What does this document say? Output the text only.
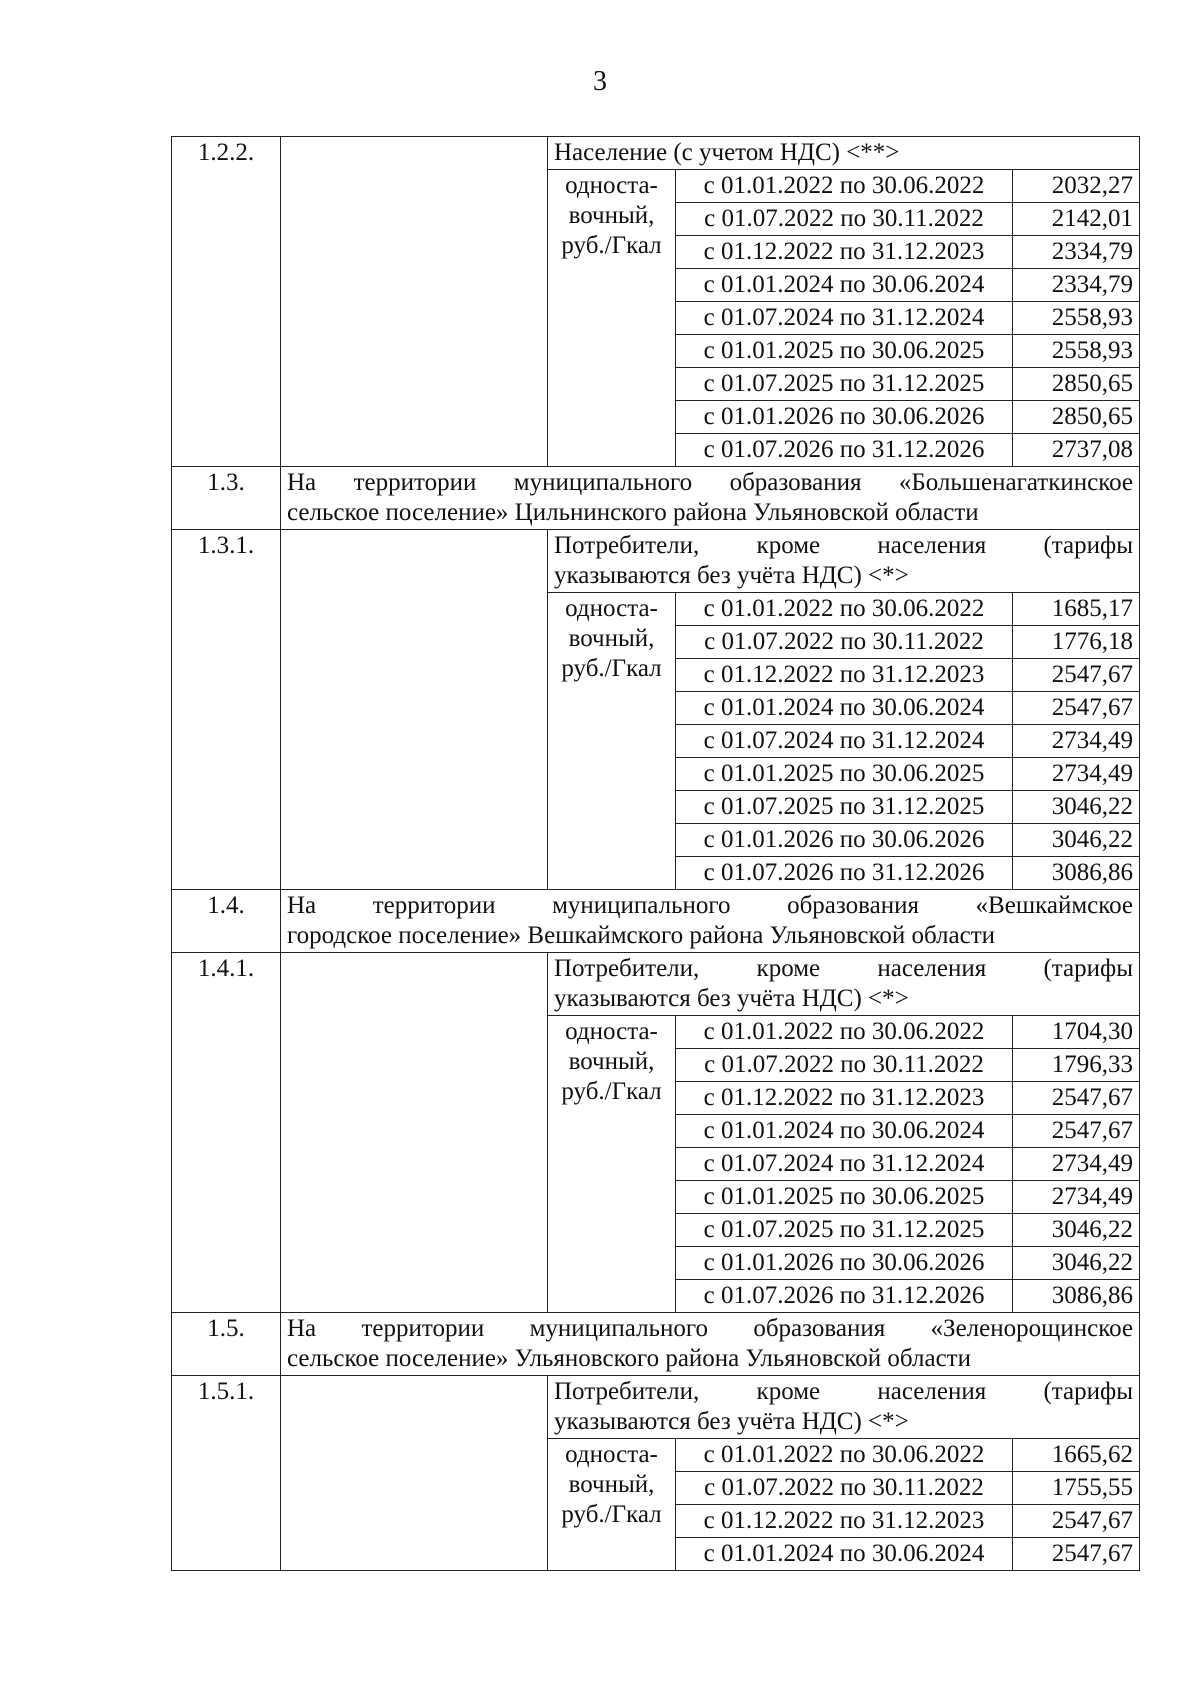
3
1.2.2.		Население (с учетом НДС) <**>		

		односта-
вочный,
руб./Гкал	с 01.01.2022 по 30.06.2022	2032,27
			с 01.07.2022 по 30.11.2022	2142,01
			с 01.12.2022 по 31.12.2023	2334,79
			с 01.01.2024 по 30.06.2024	2334,79
			с 01.07.2024 по 31.12.2024	2558,93
			с 01.01.2025 по 30.06.2025	2558,93
			с 01.07.2025 по 31.12.2025	2850,65
			с 01.01.2026 по 30.06.2026	2850,65
			с 01.07.2026 по 31.12.2026	2737,08
1.3.	На территории муниципального образования «Большенагаткинское
сельское поселение» Цильнинского района Ульяновской области			

1.3.1.		Потребители, кроме населения (тарифы
указываются без учёта НДС) <*>		

		односта-
вочный,
руб./Гкал	с 01.01.2022 по 30.06.2022	1685,17
			с 01.07.2022 по 30.11.2022	1776,18
			с 01.12.2022 по 31.12.2023	2547,67
			с 01.01.2024 по 30.06.2024	2547,67
			с 01.07.2024 по 31.12.2024	2734,49
			с 01.01.2025 по 30.06.2025	2734,49
			с 01.07.2025 по 31.12.2025	3046,22
			с 01.01.2026 по 30.06.2026	3046,22
			с 01.07.2026 по 31.12.2026	3086,86
1.4.	На территории муниципального образования «Вешкаймское
городское поселение» Вешкаймского района Ульяновской области			

1.4.1.		Потребители, кроме населения (тарифы
указываются без учёта НДС) <*>		

		односта-
вочный,
руб./Гкал	с 01.01.2022 по 30.06.2022	1704,30
			с 01.07.2022 по 30.11.2022	1796,33
			с 01.12.2022 по 31.12.2023	2547,67
			с 01.01.2024 по 30.06.2024	2547,67
			с 01.07.2024 по 31.12.2024	2734,49
			с 01.01.2025 по 30.06.2025	2734,49
			с 01.07.2025 по 31.12.2025	3046,22
			с 01.01.2026 по 30.06.2026	3046,22
			с 01.07.2026 по 31.12.2026	3086,86
1.5.	На территории муниципального образования «Зеленорощинское
сельское поселение» Ульяновского района Ульяновской области			

1.5.1.		Потребители, кроме населения (тарифы
указываются без учёта НДС) <*>		

		односта-
вочный,
руб./Гкал	с 01.01.2022 по 30.06.2022	1665,62
			с 01.07.2022 по 30.11.2022	1755,55
			с 01.12.2022 по 31.12.2023	2547,67
			с 01.01.2024 по 30.06.2024	2547,67
